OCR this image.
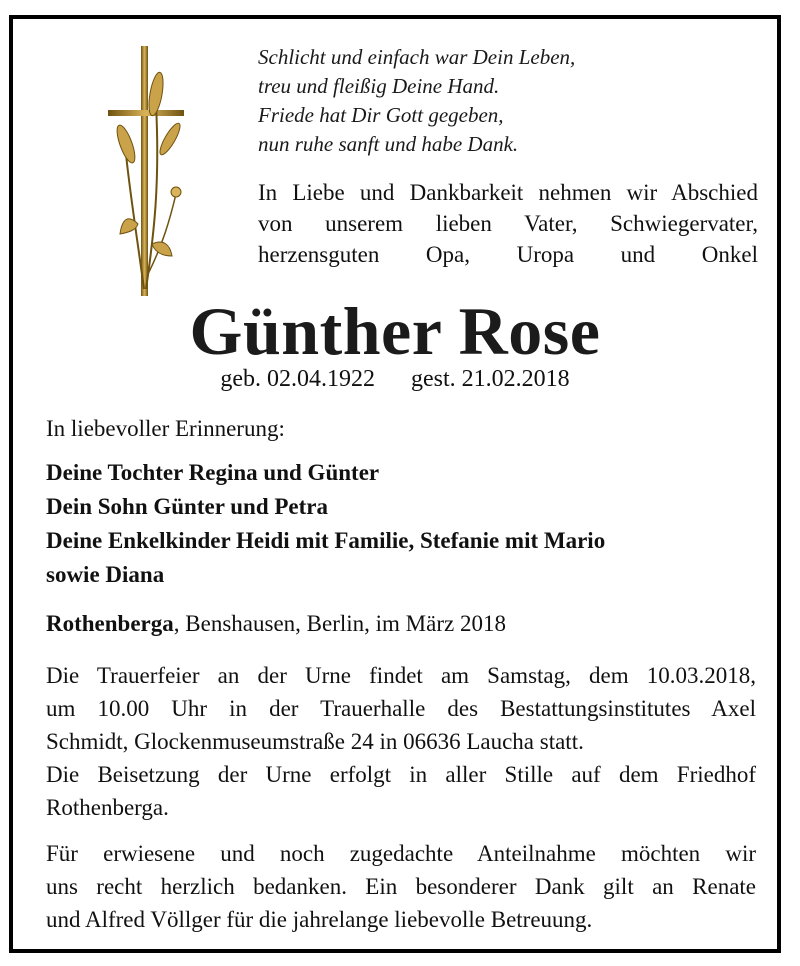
Schlicht und einfach war Dein Leben,
treu und fleißig Deine Hand.
Friede hat Dir Gott gegeben,
nun ruhe sanft und habe Dank.
In Liebe und Dankbarkeit nehmen wir Abschied
von unserem lieben Vater, Schwiegervater,
herzensguten Opa, Uropa und Onkel
Günther Rose
geb. 02.04.1922 gest. 21.02.2018
In liebevoller Erinnerung:
Deine Tochter Regina und Günter
Dein Sohn Günter und Petra
Deine Enkelkinder Heidi mit Familie, Stefanie mit Mario
sowie Diana
Rothenberga, Benshausen, Berlin, im März 2018
Die Trauerfeier an der Urne findet am Samstag, dem 10.03.2018,
um 10.00 Uhr in der Trauerhalle des Bestattungsinstitutes Axel
Schmidt, Glockenmuseumstraße 24 in 06636 Laucha statt.
Die Beisetzung der Urne erfolgt in aller Stille auf dem Friedhof
Rothenberga.
Für erwiesene und noch zugedachte Anteilnahme möchten wir
uns recht herzlich bedanken. Ein besonderer Dank gilt an Renate
und Alfred Völlger für die jahrelange liebevolle Betreuung.
